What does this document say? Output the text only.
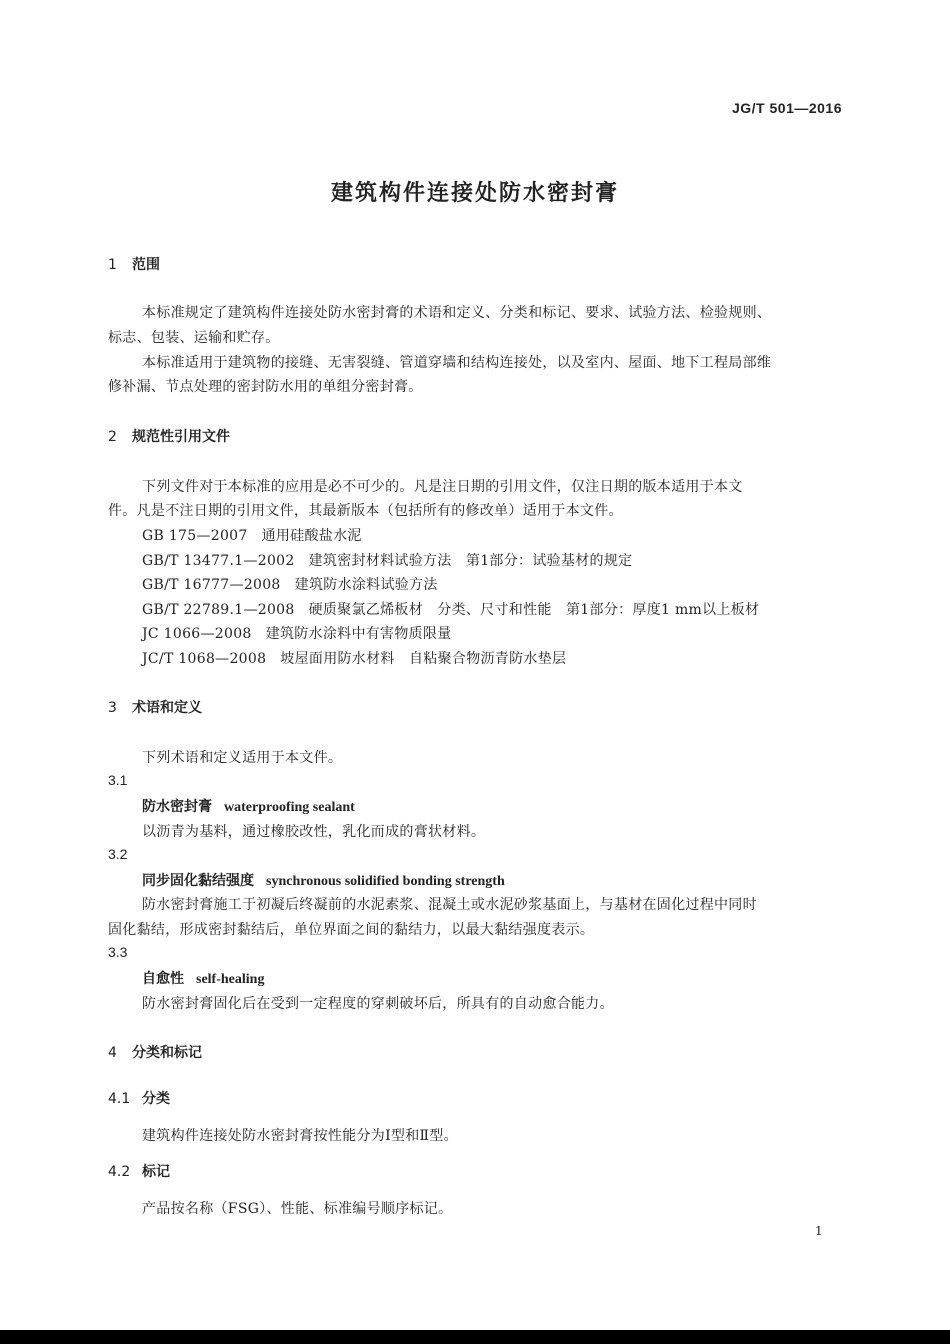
JG/T 501—2016
建筑构件连接处防水密封膏
1 范围
本标准规定了建筑构件连接处防水密封膏的术语和定义、分类和标记、要求、试验方法、检验规则、
标志、包装、运输和贮存。
本标准适用于建筑物的接缝、无害裂缝、管道穿墙和结构连接处，以及室内、屋面、地下工程局部维
修补漏、节点处理的密封防水用的单组分密封膏。
2 规范性引用文件
下列文件对于本标准的应用是必不可少的。凡是注日期的引用文件，仅注日期的版本适用于本文
件。凡是不注日期的引用文件，其最新版本（包括所有的修改单）适用于本文件。
GB 175—2007 通用硅酸盐水泥
GB/T 13477.1—2002 建筑密封材料试验方法　第1部分：试验基材的规定
GB/T 16777—2008 建筑防水涂料试验方法
GB/T 22789.1—2008 硬质聚氯乙烯板材　分类、尺寸和性能　第1部分：厚度1 mm以上板材
JC 1066—2008 建筑防水涂料中有害物质限量
JC/T 1068—2008 坡屋面用防水材料　自粘聚合物沥青防水垫层
3 术语和定义
下列术语和定义适用于本文件。
3.1
防水密封膏 waterproofing sealant
以沥青为基料，通过橡胶改性，乳化而成的膏状材料。
3.2
同步固化黏结强度 synchronous solidified bonding strength
防水密封膏施工于初凝后终凝前的水泥素浆、混凝土或水泥砂浆基面上，与基材在固化过程中同时
固化黏结，形成密封黏结后，单位界面之间的黏结力，以最大黏结强度表示。
3.3
自愈性 self-healing
防水密封膏固化后在受到一定程度的穿刺破坏后，所具有的自动愈合能力。
4 分类和标记
4.1 分类
建筑构件连接处防水密封膏按性能分为Ⅰ型和Ⅱ型。
4.2 标记
产品按名称（FSG）、性能、标准编号顺序标记。
1
